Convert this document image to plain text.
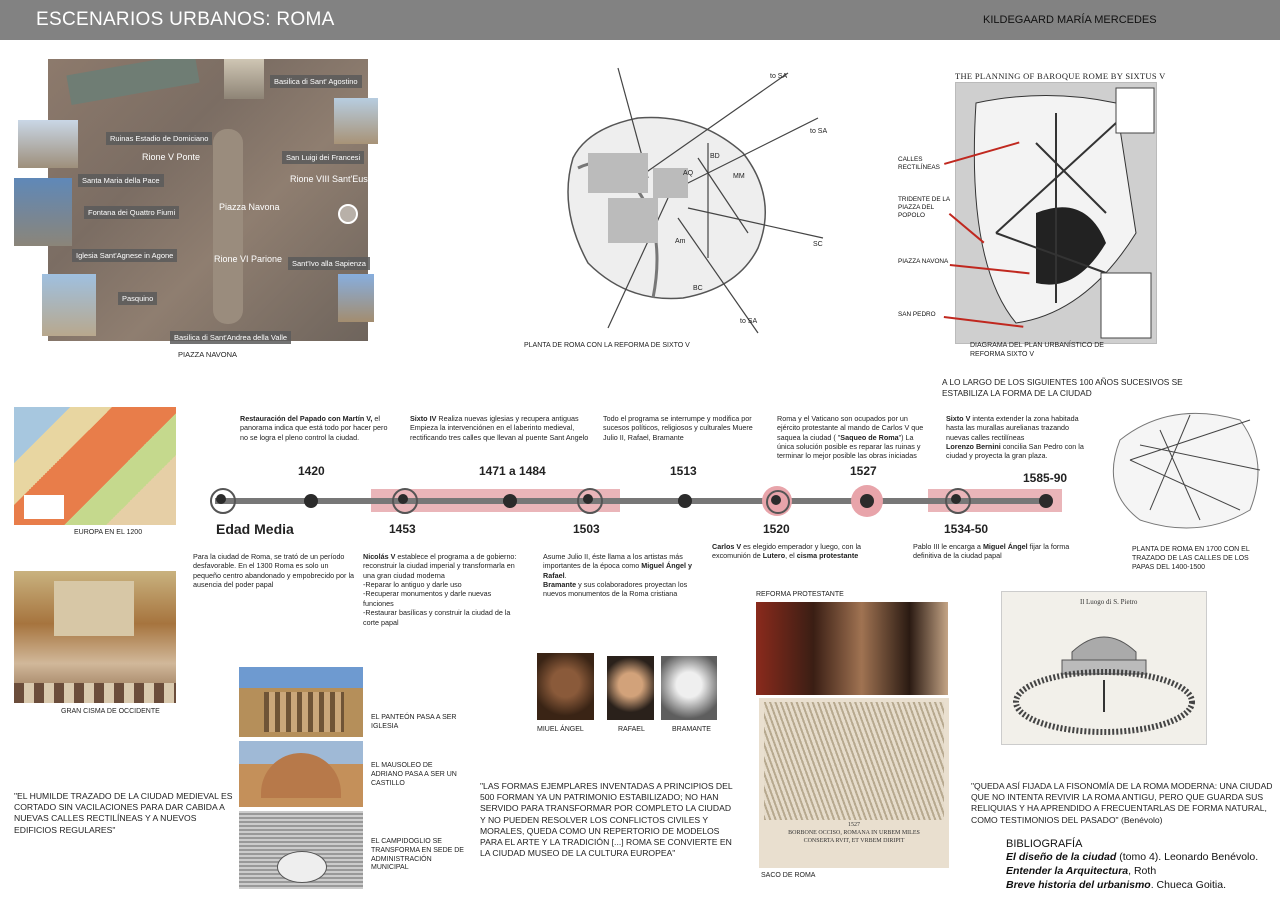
ESCENARIOS URBANOS: ROMA	KILDEGAARD MARÍA MERCEDES
Basilica di Sant' Agostino
Ruinas Estadio de Domiciano
Rione V Ponte	San Luigi dei Francesi
Santa Maria della Pace	Rione VIII Sant'Eust
Fontana dei Quattro Fiumi
Piazza Navona
Iglesia Sant'Agnese in Agone	Rione VI Parione	Sant'Ivo alla Sapienza
Pasquino
Basilica di Sant'Andrea della Valle
PIAZZA NAVONA
to SA
to SA
BD
MM
SC
Am
BC
to SA
AQ
PLANTA DE ROMA CON LA REFORMA DE SIXTO V
THE PLANNING OF BAROQUE ROME BY SIXTUS V
CALLES RECTILÍNEAS
TRIDENTE DE LA PIAZZA DEL POPOLO
PIAZZA NAVONA
SAN PEDRO
DIAGRAMA DEL PLAN URBANÍSTICO DE REFORMA SIXTO V
A LO LARGO DE LOS SIGUIENTES 100 AÑOS SUCESIVOS SE ESTABILIZA LA FORMA DE LA CIUDAD
EUROPA EN EL 1200
PLANTA DE ROMA EN 1700 CON EL TRAZADO DE LAS CALLES DE LOS PAPAS DEL 1400-1500
Edad Media
1420
1453
1471 a 1484
1503
1513
1520
1527
1534-50
1585-90
Restauración del Papado con Martín V, el panorama indica que está todo por hacer pero no se logra el pleno control la ciudad.
Sixto IV Realiza nuevas iglesias y recupera antiguas Empieza la intervenciónen en el laberinto medieval, rectificando tres calles que llevan al puente Sant Angelo
Todo el programa se interrumpe y modifica por sucesos políticos, religiosos y culturales Muere Julio II, Rafael, Bramante
Roma y el Vaticano son ocupados por un ejército protestante al mando de Carlos V que saquea la ciudad ( "Saqueo de Roma") La única solución posible es reparar las ruinas y terminar lo mejor posible las obras iniciadas
Sixto V intenta extender la zona habitada hasta las murallas aurelianas trazando nuevas calles rectilíneas
Lorenzo Bernini concilia San Pedro con la ciudad y proyecta la gran plaza.
Para la ciudad de Roma, se trató de un período desfavorable. En el 1300 Roma es solo un pequeño centro abandonado y empobrecido por la ausencia del poder papal
Nicolás V establece el programa a de gobierno: reconstruir la ciudad imperial y transformarla en una gran ciudad moderna
-Reparar lo antiguo y darle uso
-Recuperar monumentos y darle nuevas funciones
-Restaurar basílicas y construir la ciudad de la corte papal
Asume Julio II, éste llama a los artistas más importantes de la época como Miguel Ángel y Rafael.
Bramante y sus colaboradores proyectan los nuevos monumentos de la Roma cristiana
Carlos V es elegido emperador y luego, con la excomunión de Lutero, el cisma protestante
Pablo III le encarga a Miguel Ángel fijar la forma definitiva de la ciudad papal
GRAN CISMA DE OCCIDENTE
EL PANTEÓN PASA A SER IGLESIA
EL MAUSOLEO DE ADRIANO PASA A SER UN CASTILLO
EL CAMPIDOGLIO SE TRANSFORMA EN SEDE DE ADMINISTRACIÓN MUNICIPAL
MIUEL ÁNGEL	RAFAEL	BRAMANTE
REFORMA PROTESTANTE
1527
BORBONE OCCISO, ROMANA IN URBEM MILES
CONSERTA RVIT, ET VRBEM DIRIPIT
SACO DE ROMA
Il Luogo di S. Pietro
"EL HUMILDE TRAZADO DE LA CIUDAD MEDIEVAL ES CORTADO SIN VACILACIONES PARA DAR CABIDA A NUEVAS CALLES RECTILÍNEAS Y A NUEVOS EDIFICIOS REGULARES"
"LAS FORMAS EJEMPLARES INVENTADAS A PRINCIPIOS DEL 500 FORMAN YA UN PATRIMONIO ESTABILIZADO; NO HAN SERVIDO PARA TRANSFORMAR POR COMPLETO LA CIUDAD Y NO PUEDEN RESOLVER LOS CONFLICTOS CIVILES Y MORALES, QUEDA COMO UN REPERTORIO DE MODELOS PARA EL ARTE Y LA TRADICIÓN [...] ROMA SE CONVIERTE EN LA CIUDAD MUSEO DE LA CULTURA EUROPEA"
"QUEDA ASÍ FIJADA LA FISONOMÍA DE LA ROMA MODERNA: UNA CIUDAD QUE NO INTENTA REVIVIR LA ROMA ANTIGU, PERO QUE GUARDA SUS RELIQUIAS Y HA APRENDIDO A FRECUENTARLAS DE FORMA NATURAL, COMO TESTIMONIOS DEL PASADO" (Benévolo)
BIBLIOGRAFÍA
El diseño de la ciudad (tomo 4). Leonardo Benévolo.
Entender la Arquitectura, Roth
Breve historia del urbanismo. Chueca Goitia.
